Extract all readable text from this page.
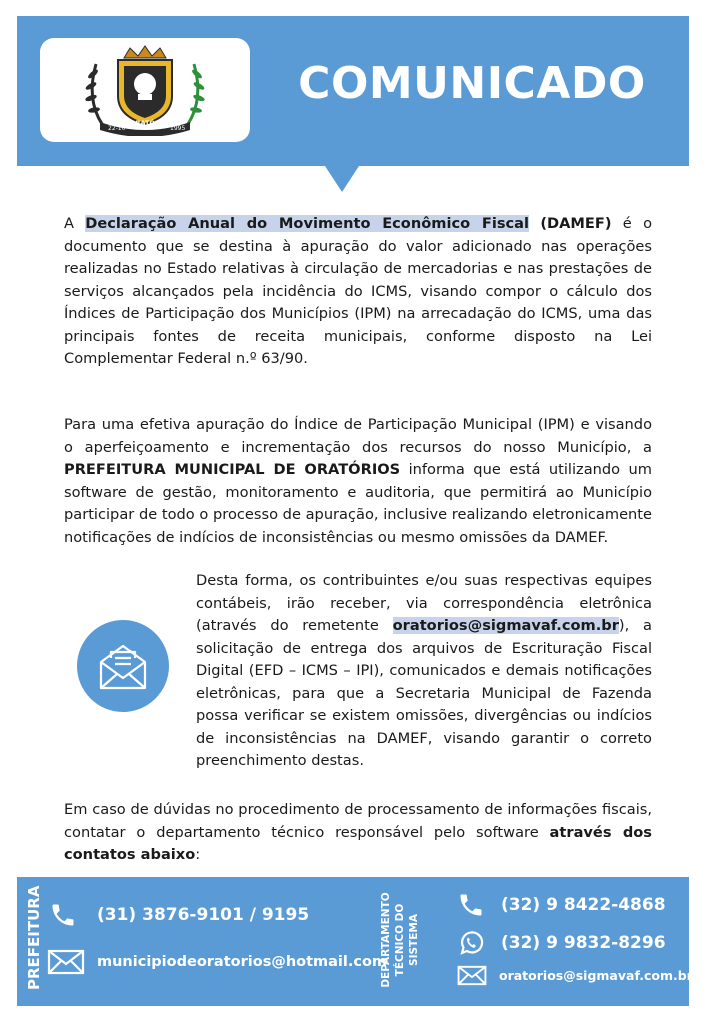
22-10
ORATÓRIOS
1995
COMUNICADO

A Declaração Anual do Movimento Econômico Fiscal (DAMEF) é o documento que se destina à apuração do valor adicionado nas operações realizadas no Estado relativas à circulação de mercadorias e nas prestações de serviços alcançados pela incidência do ICMS, visando compor o cálculo dos Índices de Participação dos Municípios (IPM) na arrecadação do ICMS, uma das principais fontes de receita municipais, conforme disposto na Lei Complementar Federal n.º 63/90.

Para uma efetiva apuração do Índice de Participação Municipal (IPM) e visando o aperfeiçoamento e incrementação dos recursos do nosso Município, a PREFEITURA MUNICIPAL DE ORATÓRIOS informa que está utilizando um software de gestão, monitoramento e auditoria, que permitirá ao Município participar de todo o processo de apuração, inclusive realizando eletronicamente notificações de indícios de inconsistências ou mesmo omissões da DAMEF.

Desta forma, os contribuintes e/ou suas respectivas equipes contábeis, irão receber, via correspondência eletrônica (através do remetente oratorios@sigmavaf.com.br), a solicitação de entrega dos arquivos de Escrituração Fiscal Digital (EFD – ICMS – IPI), comunicados e demais notificações eletrônicas, para que a Secretaria Municipal de Fazenda possa verificar se existem omissões, divergências ou indícios de inconsistências na DAMEF, visando garantir o correto preenchimento destas.

Em caso de dúvidas no procedimento de processamento de informações fiscais, contatar o departamento técnico responsável pelo software através dos contatos abaixo:

PREFEITURA	(31) 3876-9101 / 9195
municipiodeoratorios@hotmail.com
DEPARTAMENTO TÉCNICO DO SISTEMA
(32) 9 8422-4868
(32) 9 9832-8296
oratorios@sigmavaf.com.br
